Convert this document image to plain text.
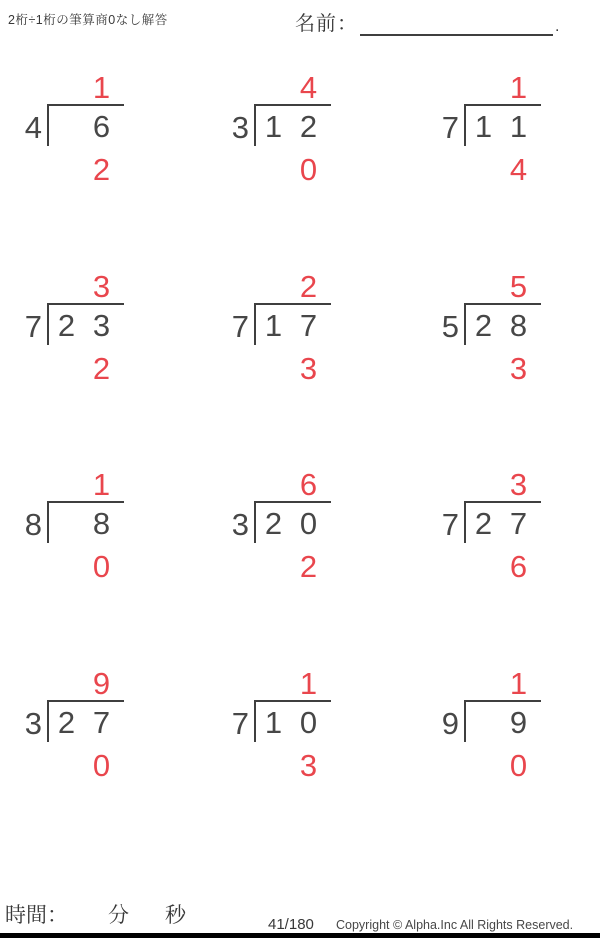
2桁÷1桁の筆算商0なし解答	名前：	.
1
4 6
2
4
3 1 2
0
1
7 1 1
4
3
7 2 3
2
2
7 1 7
3
5
5 2 8
3
1
8 8
0
6
3 2 0
2
3
7 2 7
6
9
3 2 7
0
1
7 1 0
3
1
9 9
0
時間： 分 秒	41/180 Copyright © Alpha.Inc All Rights Reserved.
